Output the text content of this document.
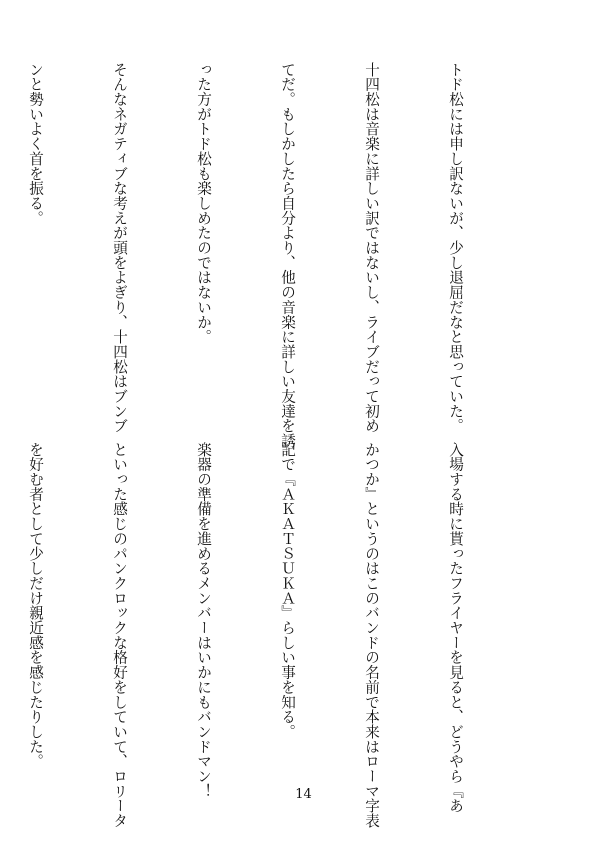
トド松には申し訳ないが、少し退屈だなと思っていた。

十四松は音楽に詳しい訳ではないし、ライブだって初め

てだ。もしかしたら自分より、他の音楽に詳しい友達を誘

った方がトド松も楽しめたのではないか。

そんなネガティブな考えが頭をよぎり、十四松はブンブ

ンと勢いよく首を振る。

入場する時に貰ったフライヤーを見ると、どうやら『あ

かつか』というのはこのバンドの名前で本来はローマ字表

記で『ＡＫＡＴＳＵＫＡ』らしい事を知る。

楽器の準備を進めるメンバーはいかにもバンドマン！

といった感じのパンクロックな格好をしていて、ロリータ

を好む者として少しだけ親近感を感じたりした。

14
